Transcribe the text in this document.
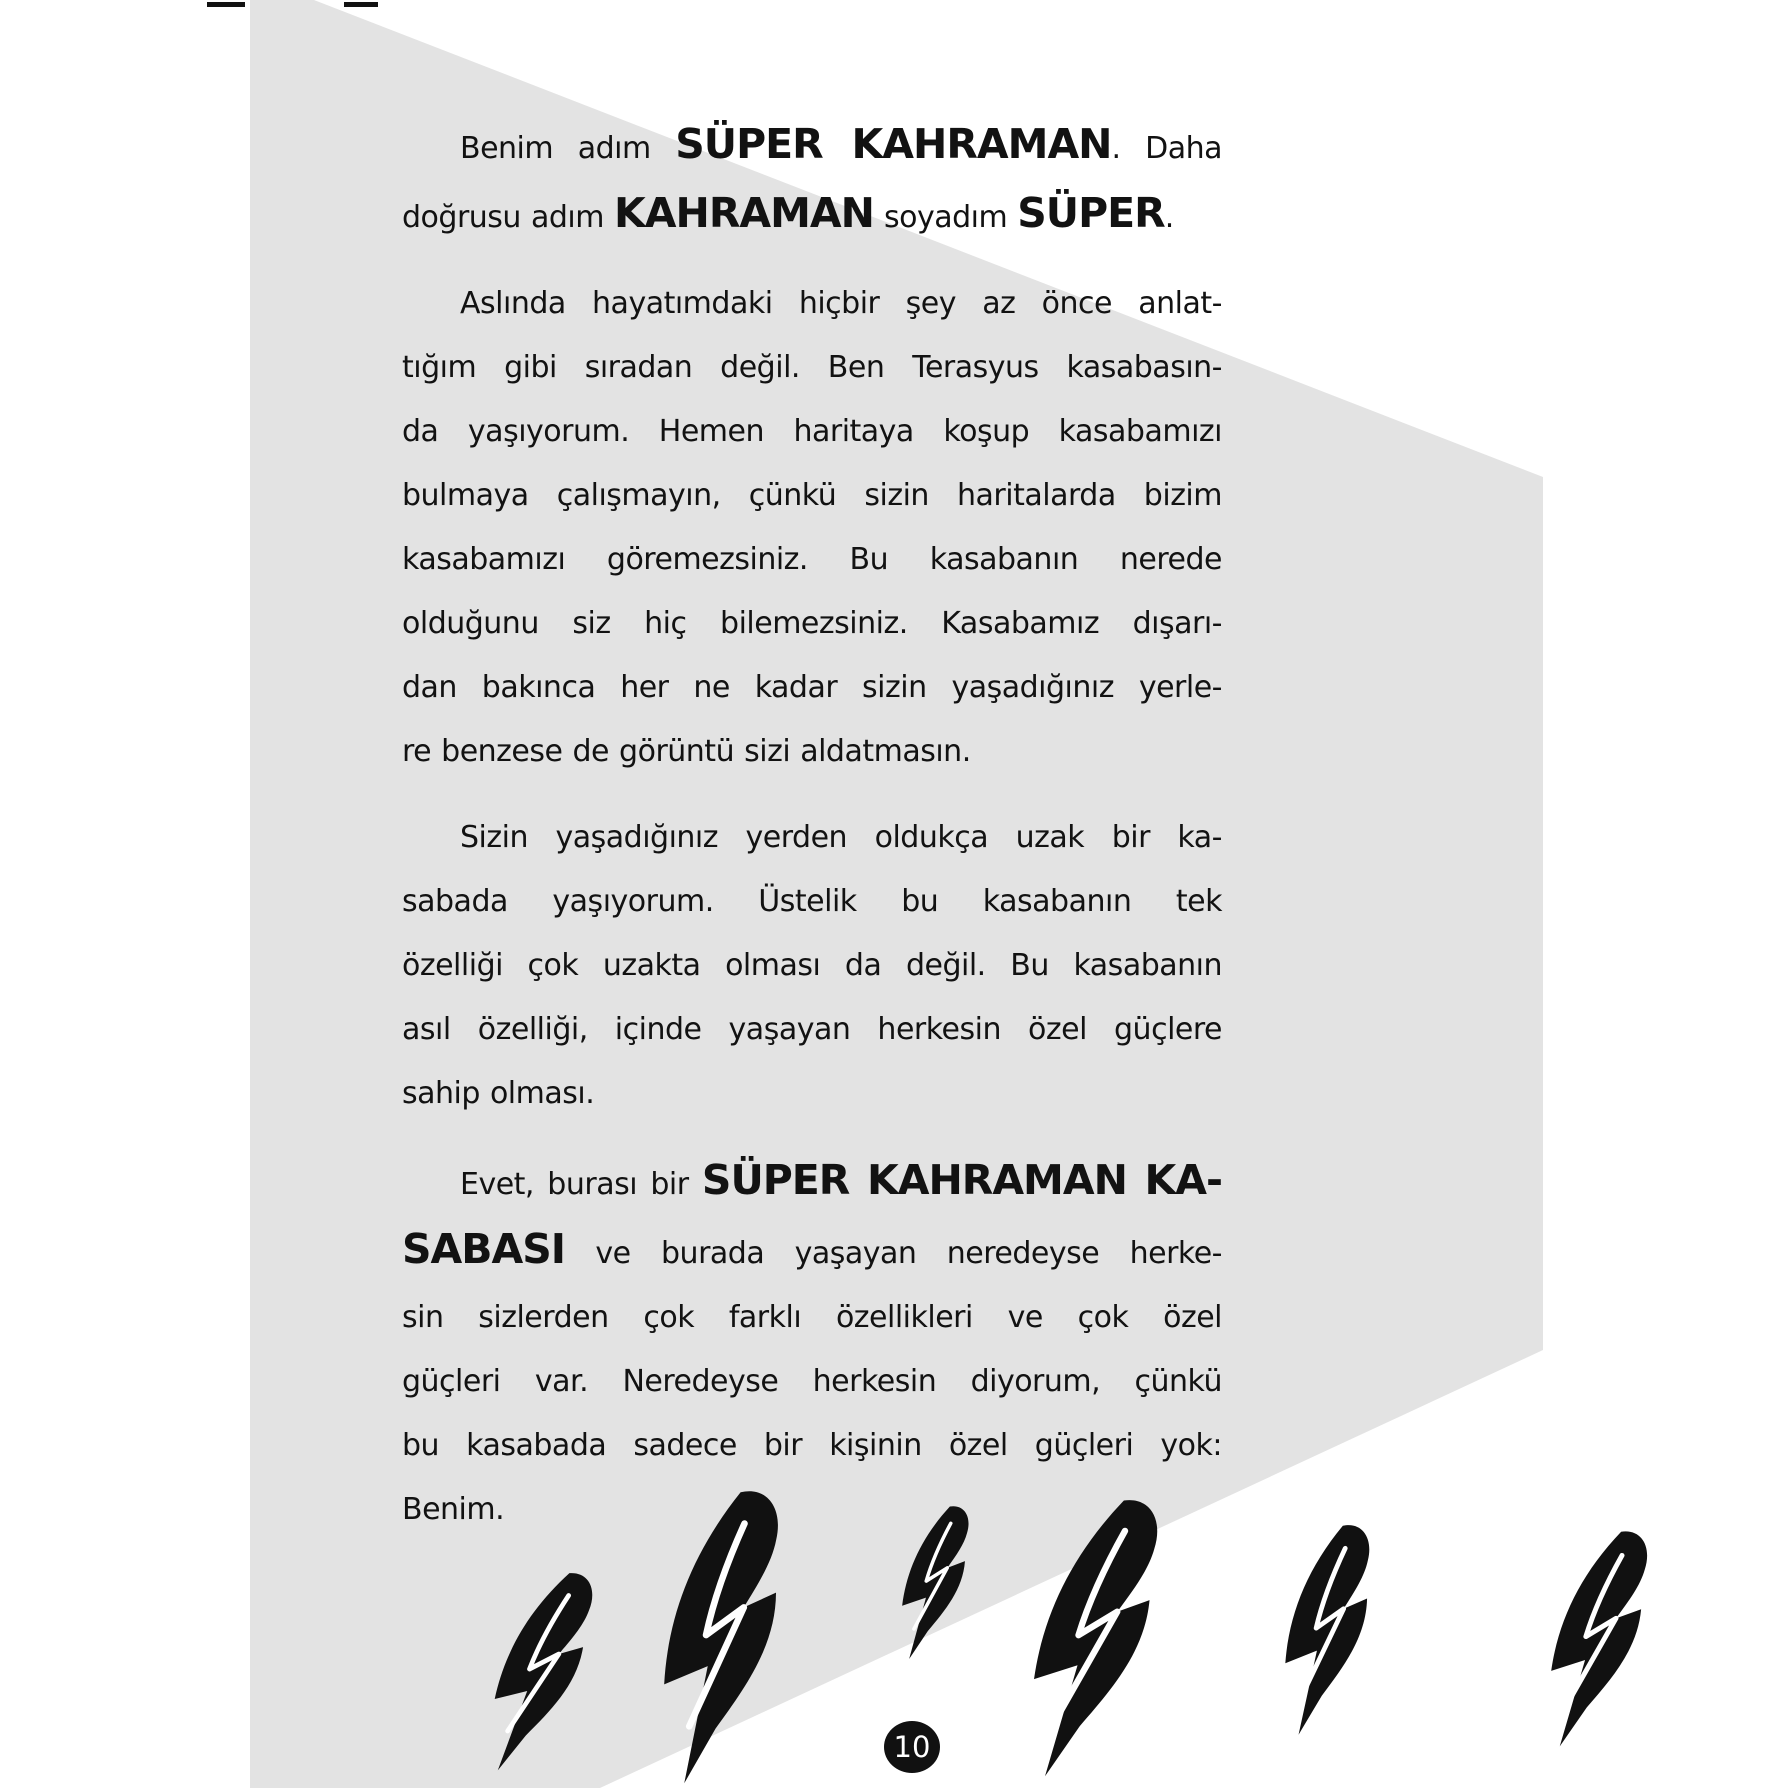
Benim adım SÜPER KAHRAMAN. Daha
doğrusu adım KAHRAMAN soyadım SÜPER.
Aslında hayatımdaki hiçbir şey az önce anlat-
tığım gibi sıradan değil. Ben Terasyus kasabasın-
da yaşıyorum. Hemen haritaya koşup kasabamızı
bulmaya çalışmayın, çünkü sizin haritalarda bizim
kasabamızı göremezsiniz. Bu kasabanın nerede
olduğunu siz hiç bilemezsiniz. Kasabamız dışarı-
dan bakınca her ne kadar sizin yaşadığınız yerle-
re benzese de görüntü sizi aldatmasın.
Sizin yaşadığınız yerden oldukça uzak bir ka-
sabada yaşıyorum. Üstelik bu kasabanın tek
özelliği çok uzakta olması da değil. Bu kasabanın
asıl özelliği, içinde yaşayan herkesin özel güçlere
sahip olması.
Evet, burası bir SÜPER KAHRAMAN KA-
SABASI ve burada yaşayan neredeyse herke-
sin sizlerden çok farklı özellikleri ve çok özel
güçleri var. Neredeyse herkesin diyorum, çünkü
bu kasabada sadece bir kişinin özel güçleri yok:
Benim.
10
